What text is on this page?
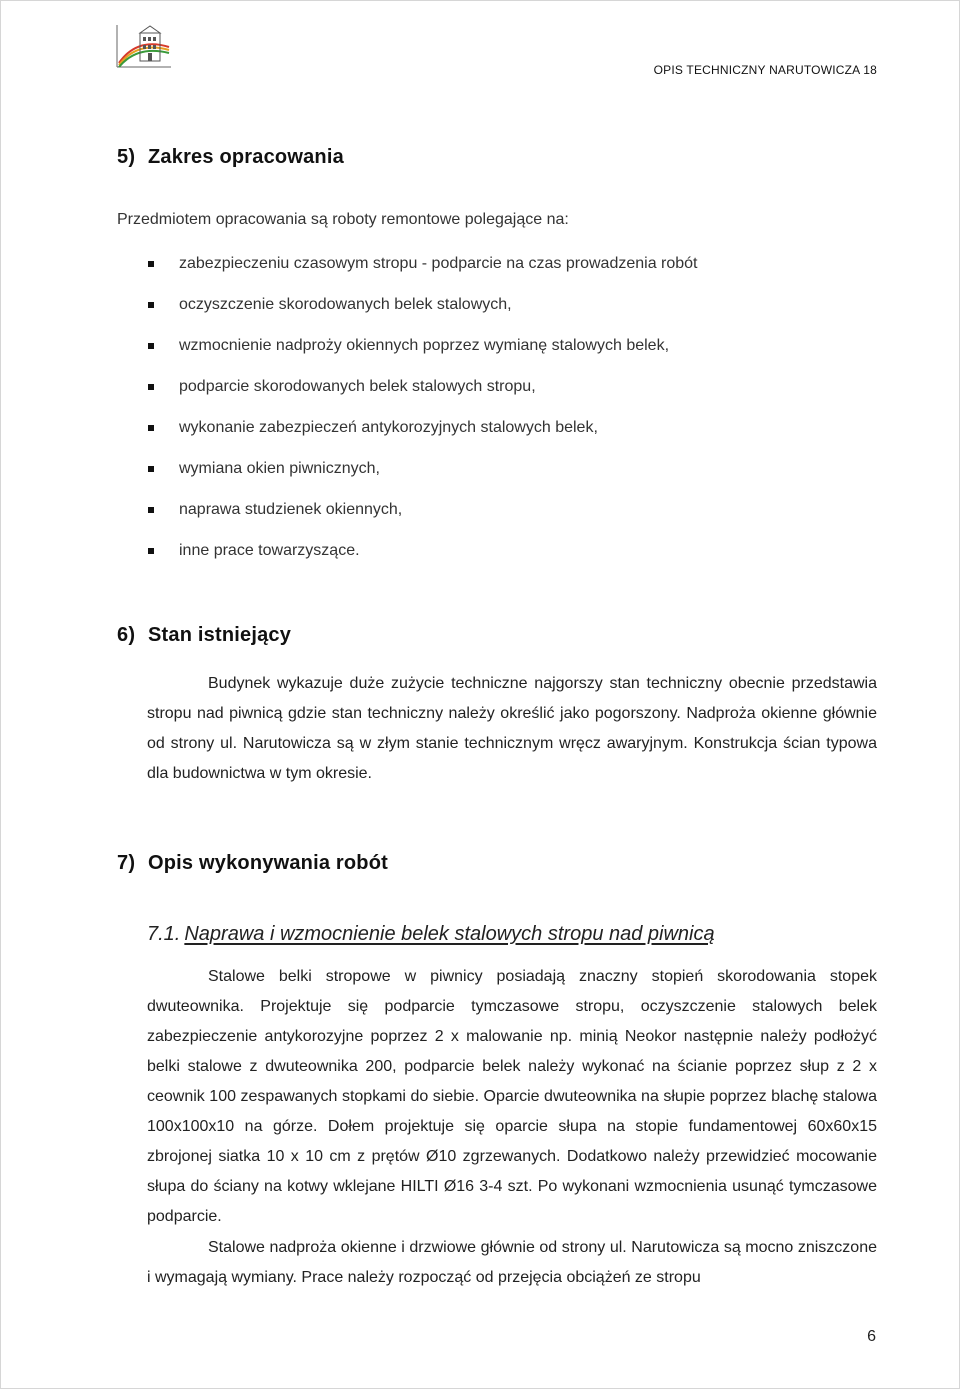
OPIS TECHNICZNY NARUTOWICZA 18
5) Zakres opracowania
Przedmiotem opracowania są roboty remontowe polegające na:
zabezpieczeniu czasowym stropu - podparcie na czas prowadzenia robót
oczyszczenie skorodowanych belek stalowych,
wzmocnienie nadproży okiennych poprzez wymianę stalowych belek,
podparcie skorodowanych belek stalowych stropu,
wykonanie zabezpieczeń antykorozyjnych stalowych belek,
wymiana okien piwnicznych,
naprawa studzienek okiennych,
inne prace towarzyszące.
6) Stan istniejący
Budynek wykazuje duże zużycie techniczne najgorszy stan techniczny obecnie przedstawia stropu nad piwnicą gdzie stan techniczny należy określić jako pogorszony. Nadproża okienne głównie od strony ul. Narutowicza są w złym stanie technicznym wręcz awaryjnym. Konstrukcja ścian typowa dla budownictwa w tym okresie.
7) Opis wykonywania robót
7.1. Naprawa i wzmocnienie belek stalowych stropu nad piwnicą
Stalowe belki stropowe w piwnicy posiadają znaczny stopień skorodowania stopek dwuteownika. Projektuje się podparcie tymczasowe stropu, oczyszczenie stalowych belek zabezpieczenie antykorozyjne poprzez 2 x malowanie np. minią Neokor następnie należy podłożyć belki stalowe z dwuteownika 200, podparcie belek należy wykonać na ścianie poprzez słup z 2 x ceownik 100 zespawanych stopkami do siebie. Oparcie dwuteownika na słupie poprzez blachę stalowa 100x100x10 na górze. Dołem projektuje się oparcie słupa na stopie fundamentowej 60x60x15 zbrojonej siatka 10 x 10 cm z prętów Ø10 zgrzewanych. Dodatkowo należy przewidzieć mocowanie słupa do ściany na kotwy wklejane HILTI Ø16 3-4 szt. Po wykonani wzmocnienia usunąć tymczasowe podparcie.
Stalowe nadproża okienne i drzwiowe głównie od strony ul. Narutowicza są mocno zniszczone i wymagają wymiany. Prace należy rozpocząć od przejęcia obciążeń ze stropu
6
